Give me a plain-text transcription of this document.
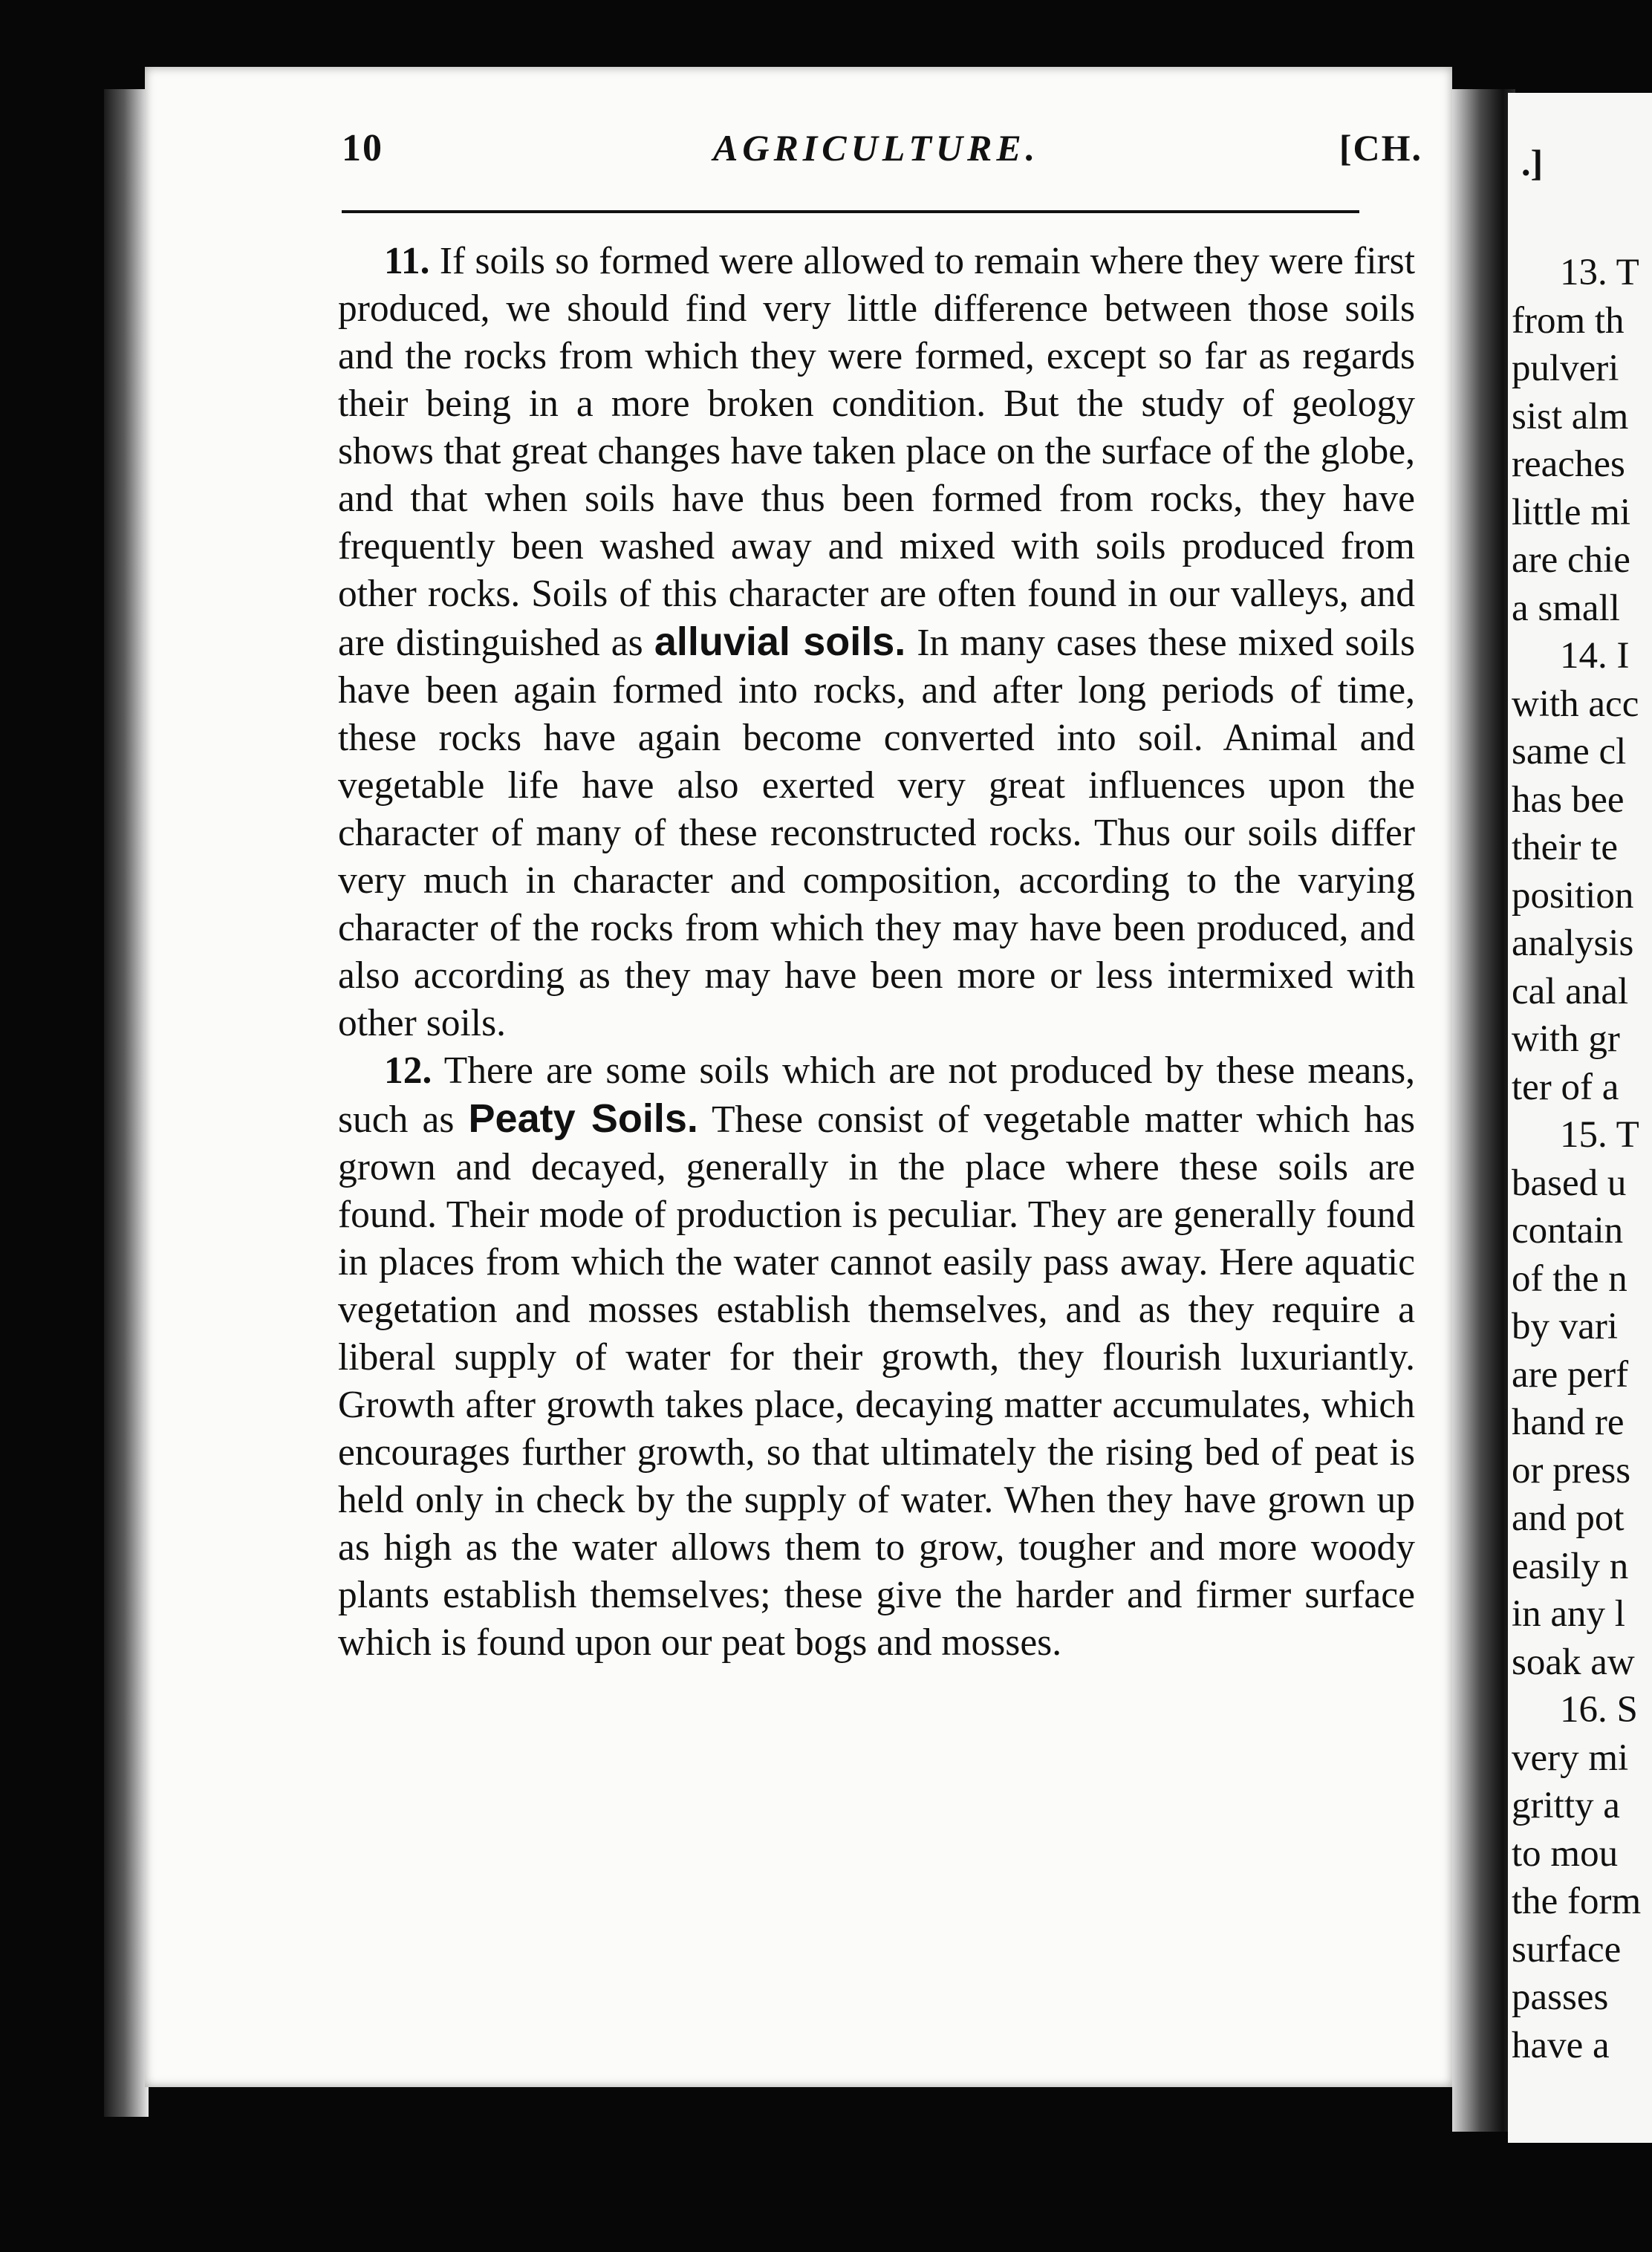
.]
13. T
from th
pulveri
sist alm
reaches
little mi
are chie
a small
14. I
with acc
same cl
has bee
their te
position
analysis
cal anal
with gr
ter of a
15. T
based u
contain
of the n
by vari
are perf
hand re
or press
and pot
easily n
in any l
soak aw
16. S
very mi
gritty a
to mou
the form
surface
passes
have a
10	AGRICULTURE.	[CH.

11. If soils so formed were allowed to remain where they were first produced, we should find very little difference between those soils and the rocks from which they were formed, except so far as regards their being in a more broken condition. But the study of geology shows that great changes have taken place on the surface of the globe, and that when soils have thus been formed from rocks, they have frequently been washed away and mixed with soils produced from other rocks. Soils of this character are often found in our valleys, and are distinguished as alluvial soils. In many cases these mixed soils have been again formed into rocks, and after long periods of time, these rocks have again become converted into soil. Animal and vegetable life have also exerted very great influences upon the character of many of these reconstructed rocks. Thus our soils differ very much in character and composition, according to the varying character of the rocks from which they may have been produced, and also according as they may have been more or less intermixed with other soils.

12. There are some soils which are not produced by these means, such as Peaty Soils. These consist of vegetable matter which has grown and decayed, generally in the place where these soils are found. Their mode of production is peculiar. They are generally found in places from which the water cannot easily pass away. Here aquatic vegetation and mosses establish themselves, and as they require a liberal supply of water for their growth, they flourish luxuriantly. Growth after growth takes place, decaying matter accumulates, which encourages further growth, so that ultimately the rising bed of peat is held only in check by the supply of water. When they have grown up as high as the water allows them to grow, tougher and more woody plants establish themselves; these give the harder and firmer surface which is found upon our peat bogs and mosses.
